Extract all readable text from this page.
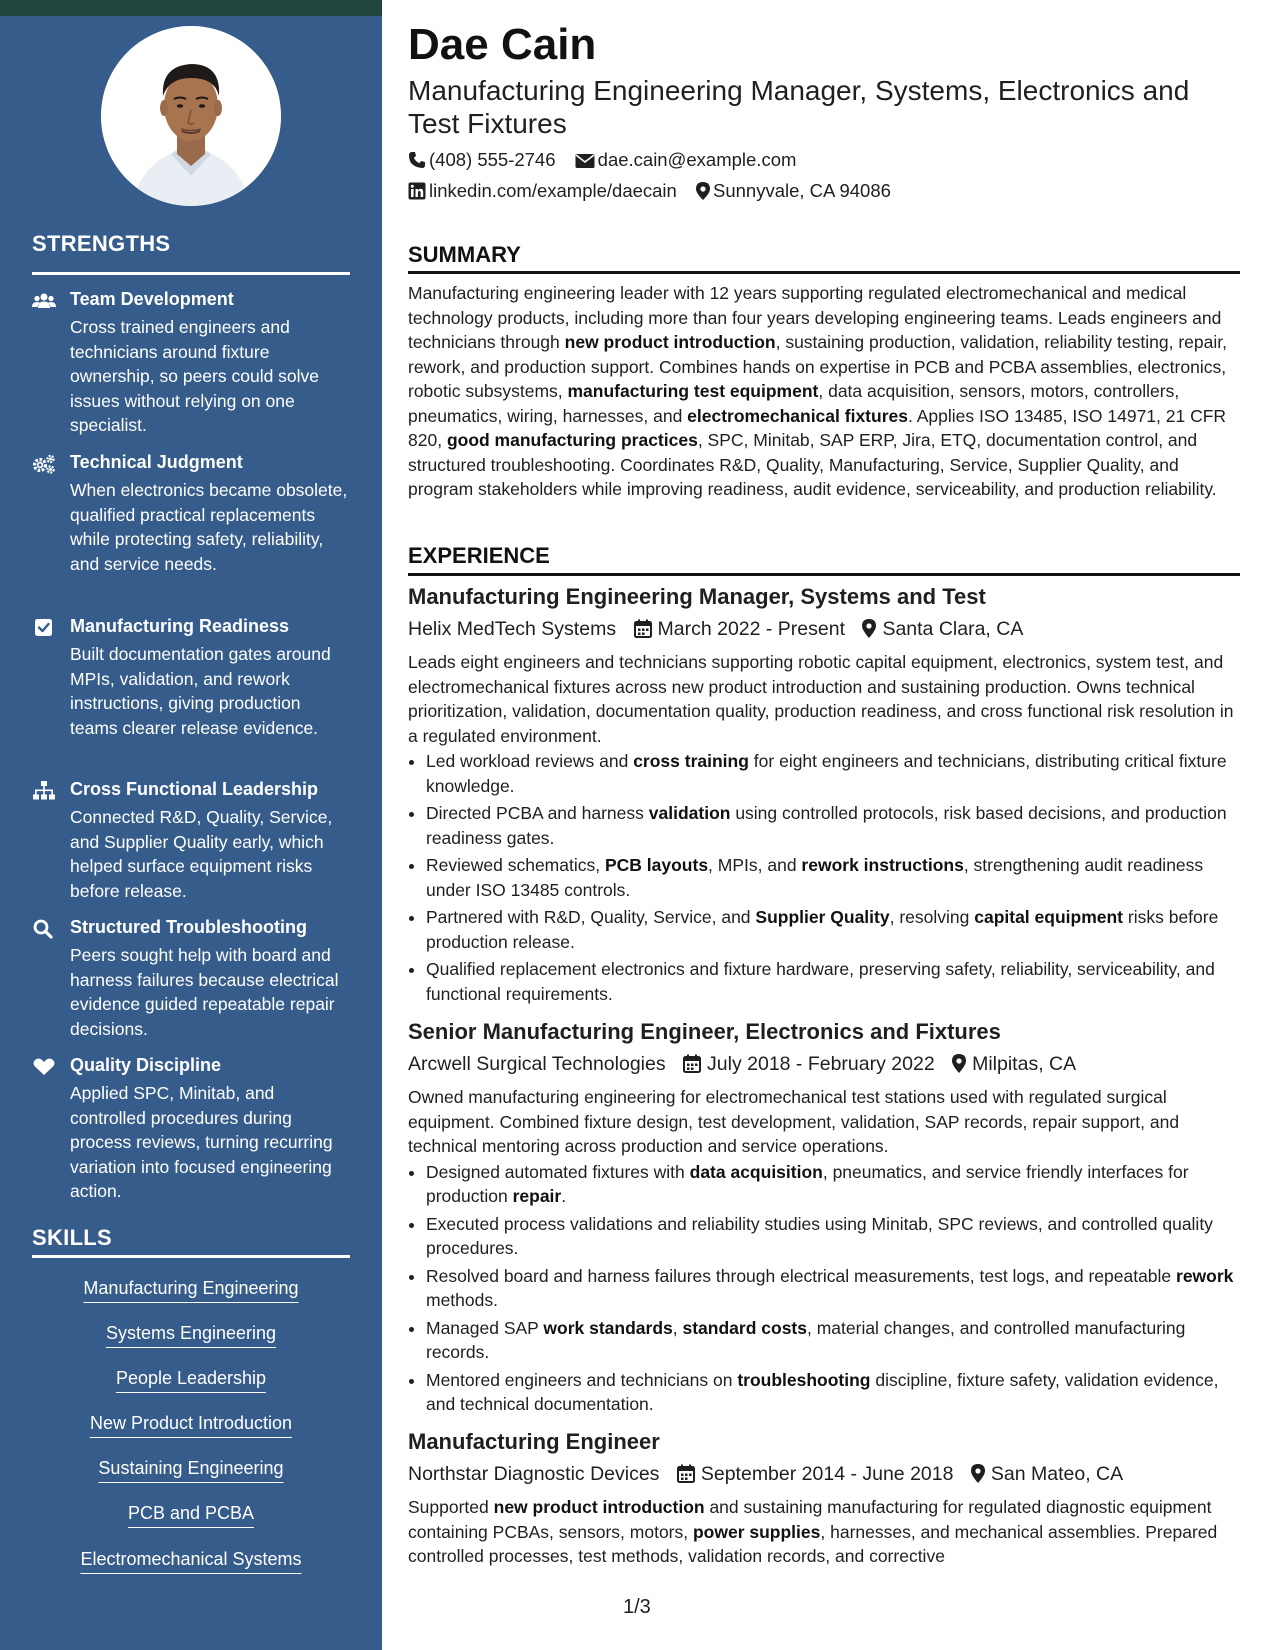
STRENGTHS
Team Development
Cross trained engineers and technicians around fixture ownership, so peers could solve issues without relying on one specialist.
Technical Judgment
When electronics became obsolete, qualified practical replacements while protecting safety, reliability, and service needs.
Manufacturing Readiness
Built documentation gates around MPIs, validation, and rework instructions, giving production teams clearer release evidence.
Cross Functional Leadership
Connected R&D, Quality, Service, and Supplier Quality early, which helped surface equipment risks before release.
Structured Troubleshooting
Peers sought help with board and harness failures because electrical evidence guided repeatable repair decisions.
Quality Discipline
Applied SPC, Minitab, and controlled procedures during process reviews, turning recurring variation into focused engineering action.
SKILLS
Manufacturing Engineering
Systems Engineering
People Leadership
New Product Introduction
Sustaining Engineering
PCB and PCBA
Electromechanical Systems
Dae Cain
Manufacturing Engineering Manager, Systems, Electronics and Test Fixtures
(408) 555-2746 dae.cain@example.com
linkedin.com/example/daecain Sunnyvale, CA 94086
SUMMARY
Manufacturing engineering leader with 12 years supporting regulated electromechanical and medical technology products, including more than four years developing engineering teams. Leads engineers and technicians through new product introduction, sustaining production, validation, reliability testing, repair, rework, and production support. Combines hands on expertise in PCB and PCBA assemblies, electronics, robotic subsystems, manufacturing test equipment, data acquisition, sensors, motors, controllers, pneumatics, wiring, harnesses, and electromechanical fixtures. Applies ISO 13485, ISO 14971, 21 CFR 820, good manufacturing practices, SPC, Minitab, SAP ERP, Jira, ETQ, documentation control, and structured troubleshooting. Coordinates R&D, Quality, Manufacturing, Service, Supplier Quality, and program stakeholders while improving readiness, audit evidence, serviceability, and production reliability.
EXPERIENCE
Manufacturing Engineering Manager, Systems and Test
Helix MedTech Systems March 2022 - Present Santa Clara, CA
Leads eight engineers and technicians supporting robotic capital equipment, electronics, system test, and electromechanical fixtures across new product introduction and sustaining production. Owns technical prioritization, validation, documentation quality, production readiness, and cross functional risk resolution in a regulated environment.
• Led workload reviews and cross training for eight engineers and technicians, distributing critical fixture knowledge.
• Directed PCBA and harness validation using controlled protocols, risk based decisions, and production readiness gates.
• Reviewed schematics, PCB layouts, MPIs, and rework instructions, strengthening audit readiness under ISO 13485 controls.
• Partnered with R&D, Quality, Service, and Supplier Quality, resolving capital equipment risks before production release.
• Qualified replacement electronics and fixture hardware, preserving safety, reliability, serviceability, and functional requirements.
Senior Manufacturing Engineer, Electronics and Fixtures
Arcwell Surgical Technologies July 2018 - February 2022 Milpitas, CA
Owned manufacturing engineering for electromechanical test stations used with regulated surgical equipment. Combined fixture design, test development, validation, SAP records, repair support, and technical mentoring across production and service operations.
• Designed automated fixtures with data acquisition, pneumatics, and service friendly interfaces for production repair.
• Executed process validations and reliability studies using Minitab, SPC reviews, and controlled quality procedures.
• Resolved board and harness failures through electrical measurements, test logs, and repeatable rework methods.
• Managed SAP work standards, standard costs, material changes, and controlled manufacturing records.
• Mentored engineers and technicians on troubleshooting discipline, fixture safety, validation evidence, and technical documentation.
Manufacturing Engineer
Northstar Diagnostic Devices September 2014 - June 2018 San Mateo, CA
Supported new product introduction and sustaining manufacturing for regulated diagnostic equipment containing PCBAs, sensors, motors, power supplies, harnesses, and mechanical assemblies. Prepared controlled processes, test methods, validation records, and corrective
1/3
